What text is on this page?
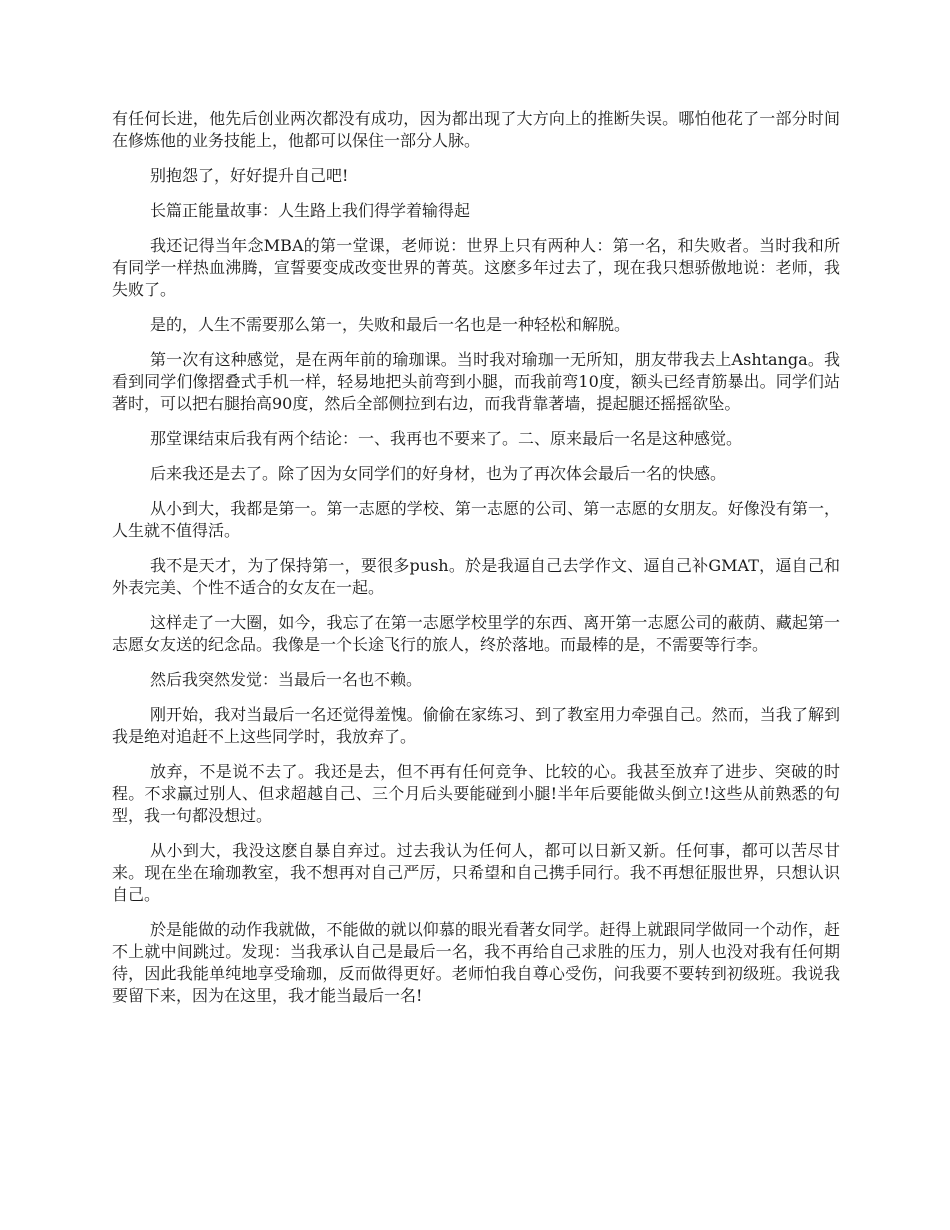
有任何长进，他先后创业两次都没有成功，因为都出现了大方向上的推断失误。哪怕他花了一部分时间在修炼他的业务技能上，他都可以保住一部分人脉。

别抱怨了，好好提升自己吧!

长篇正能量故事：人生路上我们得学着输得起

我还记得当年念MBA的第一堂课，老师说：世界上只有两种人：第一名，和失败者。当时我和所有同学一样热血沸腾，宣誓要变成改变世界的菁英。这麽多年过去了，现在我只想骄傲地说：老师，我失败了。

是的，人生不需要那么第一，失败和最后一名也是一种轻松和解脱。

第一次有这种感觉，是在两年前的瑜珈课。当时我对瑜珈一无所知，朋友带我去上Ashtanga。我看到同学们像摺叠式手机一样，轻易地把头前弯到小腿，而我前弯10度，额头已经青筋暴出。同学们站著时，可以把右腿抬高90度，然后全部侧拉到右边，而我背靠著墙，提起腿还摇摇欲坠。

那堂课结束后我有两个结论：一、我再也不要来了。二、原来最后一名是这种感觉。

后来我还是去了。除了因为女同学们的好身材，也为了再次体会最后一名的快感。

从小到大，我都是第一。第一志愿的学校、第一志愿的公司、第一志愿的女朋友。好像没有第一，人生就不值得活。

我不是天才，为了保持第一，要很多push。於是我逼自己去学作文、逼自己补GMAT，逼自己和外表完美、个性不适合的女友在一起。

这样走了一大圈，如今，我忘了在第一志愿学校里学的东西、离开第一志愿公司的蔽荫、藏起第一志愿女友送的纪念品。我像是一个长途飞行的旅人，终於落地。而最棒的是，不需要等行李。

然后我突然发觉：当最后一名也不赖。

刚开始，我对当最后一名还觉得羞愧。偷偷在家练习、到了教室用力牵强自己。然而，当我了解到我是绝对追赶不上这些同学时，我放弃了。

放弃，不是说不去了。我还是去，但不再有任何竞争、比较的心。我甚至放弃了进步、突破的时程。不求赢过别人、但求超越自己、三个月后头要能碰到小腿!半年后要能做头倒立!这些从前熟悉的句型，我一句都没想过。

从小到大，我没这麽自暴自弃过。过去我认为任何人，都可以日新又新。任何事，都可以苦尽甘来。现在坐在瑜珈教室，我不想再对自己严厉，只希望和自己携手同行。我不再想征服世界，只想认识自己。

於是能做的动作我就做，不能做的就以仰慕的眼光看著女同学。赶得上就跟同学做同一个动作，赶不上就中间跳过。发现：当我承认自己是最后一名，我不再给自己求胜的压力，别人也没对我有任何期待，因此我能单纯地享受瑜珈，反而做得更好。老师怕我自尊心受伤，问我要不要转到初级班。我说我要留下来，因为在这里，我才能当最后一名!
